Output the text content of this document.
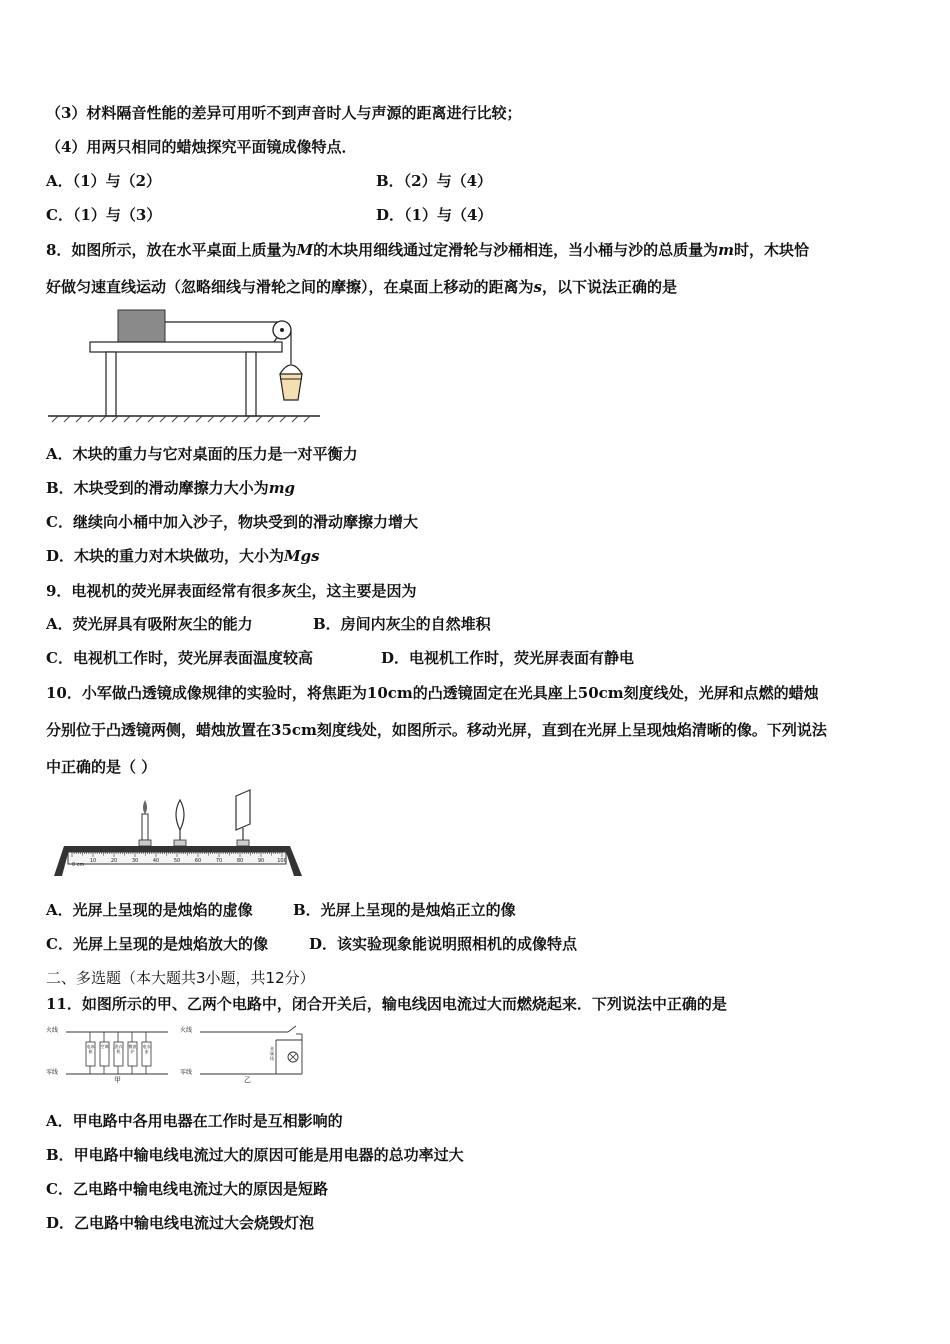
（3）材料隔音性能的差异可用听不到声音时人与声源的距离进行比较；
（4）用两只相同的蜡烛探究平面镜成像特点．
A．（1）与（2）	B．（2）与（4）
C．（1）与（3）	D．（1）与（4）
8．如图所示，放在水平桌面上质量为M的木块用细线通过定滑轮与沙桶相连，当小桶与沙的总质量为m时，木块恰
好做匀速直线运动（忽略细线与滑轮之间的摩擦），在桌面上移动的距离为s，以下说法正确的是
A．木块的重力与它对桌面的压力是一对平衡力
B．木块受到的滑动摩擦力大小为mg
C．继续向小桶中加入沙子，物块受到的滑动摩擦力增大
D．木块的重力对木块做功，大小为Mgs
9．电视机的荧光屏表面经常有很多灰尘，这主要是因为
A．荧光屏具有吸附灰尘的能力	B．房间内灰尘的自然堆积
C．电视机工作时，荧光屏表面温度较高	D．电视机工作时，荧光屏表面有静电
10．小军做凸透镜成像规律的实验时，将焦距为10cm的凸透镜固定在光具座上50cm刻度线处，光屏和点燃的蜡烛
分别位于凸透镜两侧，蜡烛放置在35cm刻度线处，如图所示。移动光屏，直到在光屏上呈现烛焰清晰的像。下列说法
中正确的是（ ）
0 cm
10	20	30	40	50	60	70	80	90	100
A．光屏上呈现的是烛焰的虚像	B．光屏上呈现的是烛焰正立的像
C．光屏上呈现的是烛焰放大的像	D．该实验现象能说明照相机的成像特点
二、多选题（本大题共3小题，共12分）
11．如图所示的甲、乙两个电路中，闭合开关后，输电线因电流过大而燃烧起来．下列说法中正确的是
火线
零线
火线
零线
甲	乙
电冰箱
空调 洗衣机
微波炉
电水壶
金属线
A．甲电路中各用电器在工作时是互相影响的
B．甲电路中输电线电流过大的原因可能是用电器的总功率过大
C．乙电路中输电线电流过大的原因是短路
D．乙电路中输电线电流过大会烧毁灯泡
